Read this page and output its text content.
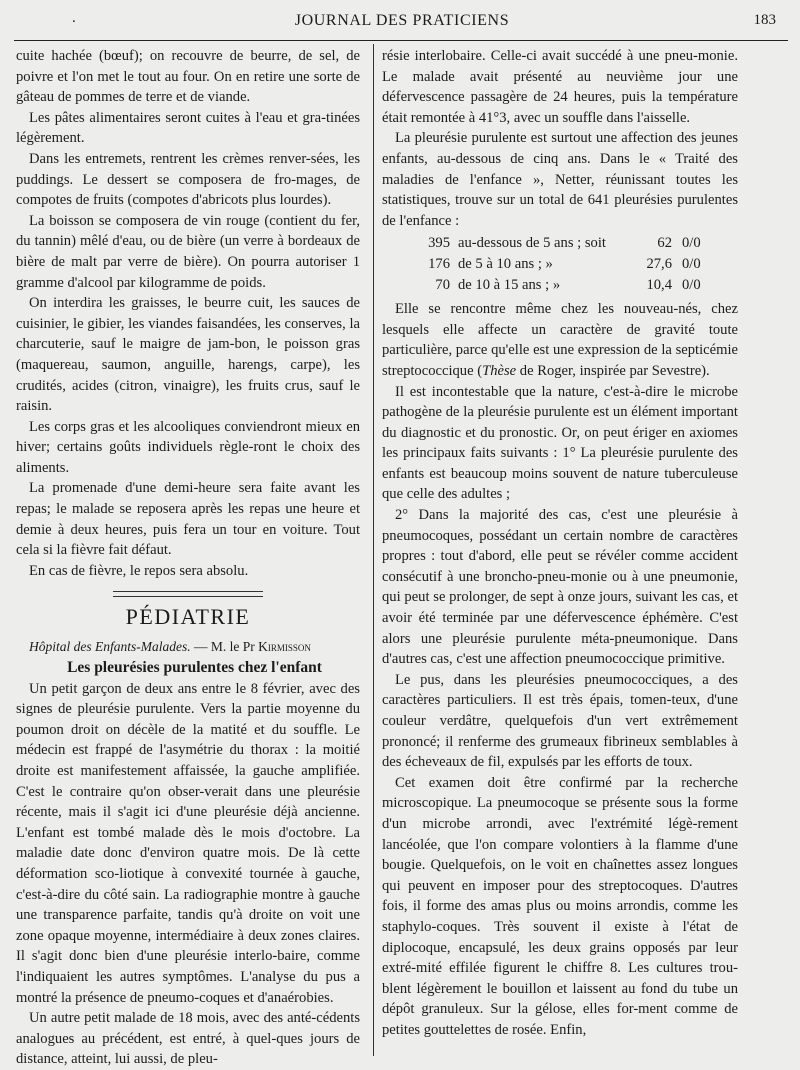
.	JOURNAL DES PRATICIENS	183

cuite hachée (bœuf); on recouvre de beurre, de sel, de poivre et l'on met le tout au four. On en retire une sorte de gâteau de pommes de terre et de viande.

Les pâtes alimentaires seront cuites à l'eau et gra-tinées légèrement.

Dans les entremets, rentrent les crèmes renver-sées, les puddings. Le dessert se composera de fro-mages, de compotes de fruits (compotes d'abricots plus lourdes).

La boisson se composera de vin rouge (contient du fer, du tannin) mêlé d'eau, ou de bière (un verre à bordeaux de bière de malt par verre de bière). On pourra autoriser 1 gramme d'alcool par kilogramme de poids.

On interdira les graisses, le beurre cuit, les sauces de cuisinier, le gibier, les viandes faisandées, les conserves, la charcuterie, sauf le maigre de jam-bon, le poisson gras (maquereau, saumon, anguille, harengs, carpe), les crudités, acides (citron, vinaigre), les fruits crus, sauf le raisin.

Les corps gras et les alcooliques conviendront mieux en hiver; certains goûts individuels règle-ront le choix des aliments.

La promenade d'une demi-heure sera faite avant les repas; le malade se reposera après les repas une heure et demie à deux heures, puis fera un tour en voiture. Tout cela si la fièvre fait défaut.

En cas de fièvre, le repos sera absolu.

PÉDIATRIE

Hôpital des Enfants-Malades. — M. le Pr Kirmisson

Les pleurésies purulentes chez l'enfant

Un petit garçon de deux ans entre le 8 février, avec des signes de pleurésie purulente. Vers la partie moyenne du poumon droit on décèle de la matité et du souffle. Le médecin est frappé de l'asymétrie du thorax : la moitié droite est manifestement affaissée, la gauche amplifiée. C'est le contraire qu'on obser-verait dans une pleurésie récente, mais il s'agit ici d'une pleurésie déjà ancienne. L'enfant est tombé malade dès le mois d'octobre. La maladie date donc d'environ quatre mois. De là cette déformation sco-liotique à convexité tournée à gauche, c'est-à-dire du côté sain. La radiographie montre à gauche une transparence parfaite, tandis qu'à droite on voit une zone opaque moyenne, intermédiaire à deux zones claires. Il s'agit donc bien d'une pleurésie interlo-baire, comme l'indiquaient les autres symptômes. L'analyse du pus a montré la présence de pneumo-coques et d'anaérobies.

Un autre petit malade de 18 mois, avec des anté-cédents analogues au précédent, est entré, à quel-ques jours de distance, atteint, lui aussi, de pleu-

résie interlobaire. Celle-ci avait succédé à une pneu-monie. Le malade avait présenté au neuvième jour une défervescence passagère de 24 heures, puis la température était remontée à 41°3, avec un souffle dans l'aisselle.

La pleurésie purulente est surtout une affection des jeunes enfants, au-dessous de cinq ans. Dans le « Traité des maladies de l'enfance », Netter, réunissant toutes les statistiques, trouve sur un total de 641 pleurésies purulentes de l'enfance :

395 au-dessous de 5 ans ; soit	62 0/0
176 de 5 à 10 ans ; »	27,6 0/0
70 de 10 à 15 ans ; »	10,4 0/0

Elle se rencontre même chez les nouveau-nés, chez lesquels elle affecte un caractère de gravité toute particulière, parce qu'elle est une expression de la septicémie streptococcique (Thèse de Roger, inspirée par Sevestre).

Il est incontestable que la nature, c'est-à-dire le microbe pathogène de la pleurésie purulente est un élément important du diagnostic et du pronostic. Or, on peut ériger en axiomes les principaux faits suivants : 1° La pleurésie purulente des enfants est beaucoup moins souvent de nature tuberculeuse que celle des adultes ;

2° Dans la majorité des cas, c'est une pleurésie à pneumocoques, possédant un certain nombre de caractères propres : tout d'abord, elle peut se révéler comme accident consécutif à une broncho-pneu-monie ou à une pneumonie, qui peut se prolonger, de sept à onze jours, suivant les cas, et avoir été terminée par une défervescence éphémère. C'est alors une pleurésie purulente méta-pneumonique. Dans d'autres cas, c'est une affection pneumococcique primitive.

Le pus, dans les pleurésies pneumococciques, a des caractères particuliers. Il est très épais, tomen-teux, d'une couleur verdâtre, quelquefois d'un vert extrêmement prononcé; il renferme des grumeaux fibrineux semblables à des écheveaux de fil, expulsés par les efforts de toux.

Cet examen doit être confirmé par la recherche microscopique. La pneumocoque se présente sous la forme d'un microbe arrondi, avec l'extrémité légè-rement lancéolée, que l'on compare volontiers à la flamme d'une bougie. Quelquefois, on le voit en chaînettes assez longues qui peuvent en imposer pour des streptocoques. D'autres fois, il forme des amas plus ou moins arrondis, comme les staphylo-coques. Très souvent il existe à l'état de diplocoque, encapsulé, les deux grains opposés par leur extré-mité effilée figurent le chiffre 8. Les cultures trou-blent légèrement le bouillon et laissent au fond du tube un dépôt granuleux. Sur la gélose, elles for-ment comme de petites gouttelettes de rosée. Enfin,
